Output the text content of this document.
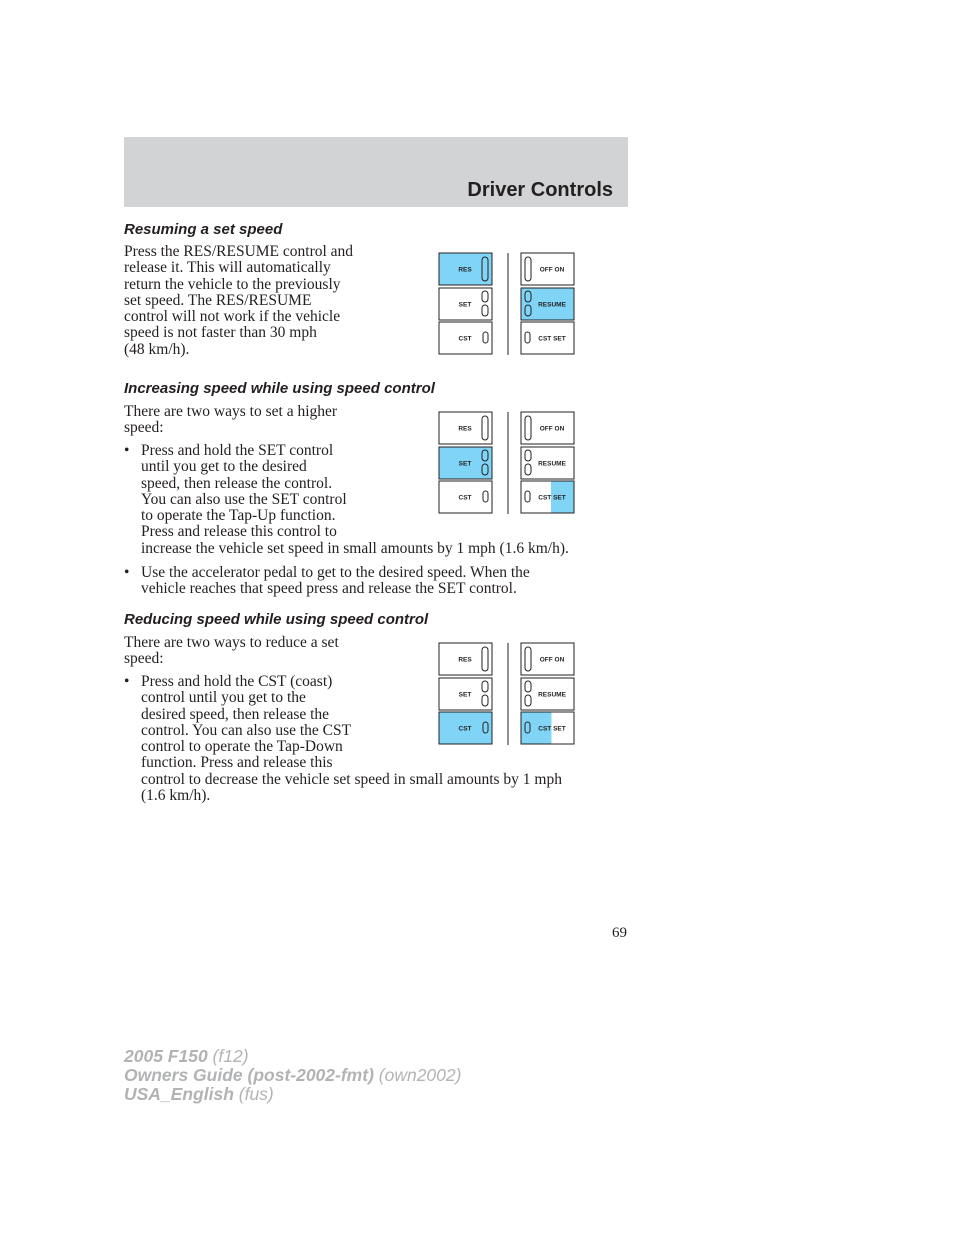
Driver Controls
Resuming a set speed
Press the RES/RESUME control and
release it. This will automatically
return the vehicle to the previously
set speed. The RES/RESUME
control will not work if the vehicle
speed is not faster than 30 mph
(48 km/h).
Increasing speed while using speed control
There are two ways to set a higher
speed:
• Press and hold the SET control
until you get to the desired
speed, then release the control.
You can also use the SET control
to operate the Tap-Up function.
Press and release this control to
increase the vehicle set speed in small amounts by 1 mph (1.6 km/h).
• Use the accelerator pedal to get to the desired speed. When the
vehicle reaches that speed press and release the SET control.
Reducing speed while using speed control
There are two ways to reduce a set
speed:
• Press and hold the CST (coast)
control until you get to the
desired speed, then release the
control. You can also use the CST
control to operate the Tap-Down
function. Press and release this
control to decrease the vehicle set speed in small amounts by 1 mph
(1.6 km/h).
RES
SET
CST
OFF ON
RESUME
CST SET
RES
SET
CST
OFF ON
RESUME
CST SET
RES
SET
CST
OFF ON
RESUME
CST SET
69
2005 F150 (f12)
Owners Guide (post-2002-fmt) (own2002)
USA_English (fus)
